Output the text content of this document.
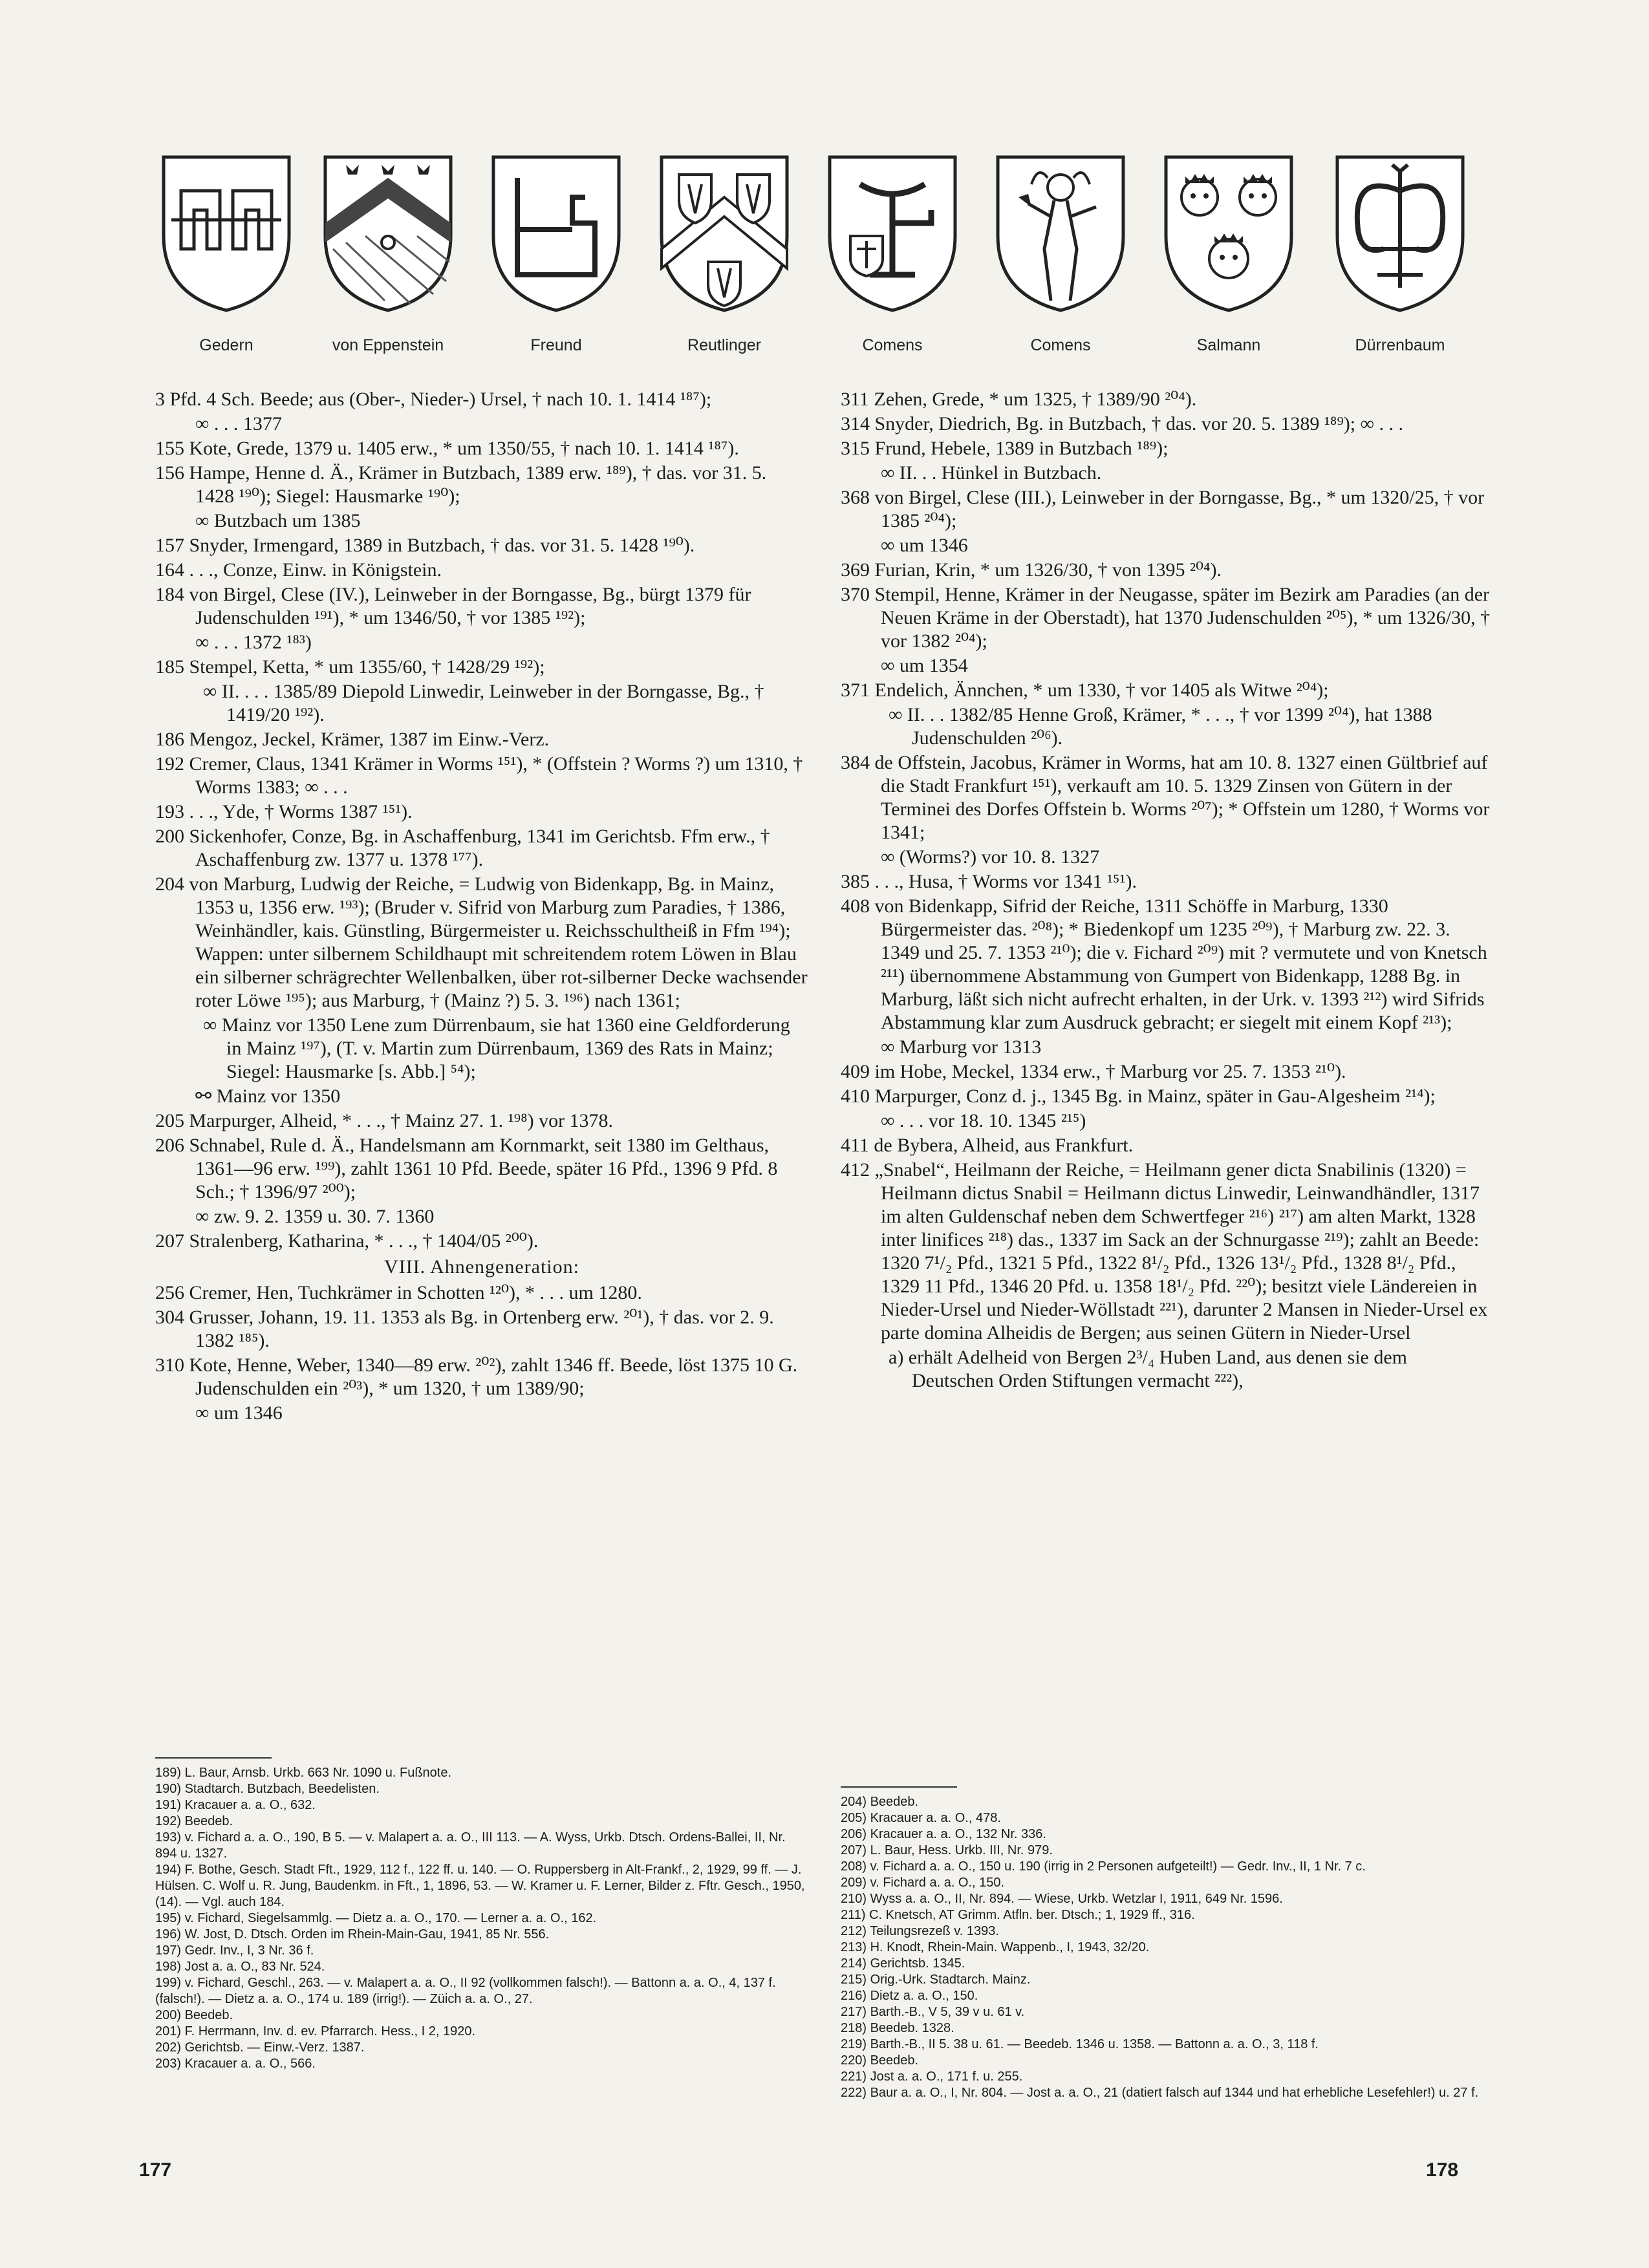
Gedern	von Eppenstein	Freund	Reutlinger	Comens	Comens	Salmann	Dürrenbaum

3 Pfd. 4 Sch. Beede; aus (Ober-, Nieder-) Ursel, † nach 10. 1. 1414 ¹⁸⁷);

∞ . . . 1377

155 Kote, Grede, 1379 u. 1405 erw., * um 1350/55, † nach 10. 1. 1414 ¹⁸⁷).

156 Hampe, Henne d. Ä., Krämer in Butzbach, 1389 erw. ¹⁸⁹), † das. vor 31. 5. 1428 ¹⁹⁰); Siegel: Hausmarke ¹⁹⁰);

∞ Butzbach um 1385

157 Snyder, Irmengard, 1389 in Butzbach, † das. vor 31. 5. 1428 ¹⁹⁰).

164 . . ., Conze, Einw. in Königstein.

184 von Birgel, Clese (IV.), Leinweber in der Borngasse, Bg., bürgt 1379 für Judenschulden ¹⁹¹), * um 1346/50, † vor 1385 ¹⁹²);

∞ . . . 1372 ¹⁸³)

185 Stempel, Ketta, * um 1355/60, † 1428/29 ¹⁹²);

∞ II. . . . 1385/89 Diepold Linwedir, Leinweber in der Borngasse, Bg., † 1419/20 ¹⁹²).

186 Mengoz, Jeckel, Krämer, 1387 im Einw.-Verz.

192 Cremer, Claus, 1341 Krämer in Worms ¹⁵¹), * (Offstein ? Worms ?) um 1310, † Worms 1383; ∞ . . .

193 . . ., Yde, † Worms 1387 ¹⁵¹).

200 Sickenhofer, Conze, Bg. in Aschaffenburg, 1341 im Gerichtsb. Ffm erw., † Aschaffenburg zw. 1377 u. 1378 ¹⁷⁷).

204 von Marburg, Ludwig der Reiche, = Ludwig von Bidenkapp, Bg. in Mainz, 1353 u, 1356 erw. ¹⁹³); (Bruder v. Sifrid von Marburg zum Paradies, † 1386, Weinhändler, kais. Günstling, Bürgermeister u. Reichsschultheiß in Ffm ¹⁹⁴); Wappen: unter silbernem Schildhaupt mit schreitendem rotem Löwen in Blau ein silberner schrägrechter Wellenbalken, über rot-silberner Decke wachsender roter Löwe ¹⁹⁵); aus Marburg, † (Mainz ?) 5. 3. ¹⁹⁶) nach 1361;

∞ Mainz vor 1350 Lene zum Dürrenbaum, sie hat 1360 eine Geldforderung in Mainz ¹⁹⁷), (T. v. Martin zum Dürrenbaum, 1369 des Rats in Mainz; Siegel: Hausmarke [s. Abb.] ⁵⁴);

⚯ Mainz vor 1350

205 Marpurger, Alheid, * . . ., † Mainz 27. 1. ¹⁹⁸) vor 1378.

206 Schnabel, Rule d. Ä., Handelsmann am Kornmarkt, seit 1380 im Gelthaus, 1361—96 erw. ¹⁹⁹), zahlt 1361 10 Pfd. Beede, später 16 Pfd., 1396 9 Pfd. 8 Sch.; † 1396/97 ²⁰⁰);

∞ zw. 9. 2. 1359 u. 30. 7. 1360

207 Stralenberg, Katharina, * . . ., † 1404/05 ²⁰⁰).

VIII. Ahnengeneration:

256 Cremer, Hen, Tuchkrämer in Schotten ¹²⁰), * . . . um 1280.

304 Grusser, Johann, 19. 11. 1353 als Bg. in Ortenberg erw. ²⁰¹), † das. vor 2. 9. 1382 ¹⁸⁵).

310 Kote, Henne, Weber, 1340—89 erw. ²⁰²), zahlt 1346 ff. Beede, löst 1375 10 G. Judenschulden ein ²⁰³), * um 1320, † um 1389/90;

∞ um 1346

311 Zehen, Grede, * um 1325, † 1389/90 ²⁰⁴).

314 Snyder, Diedrich, Bg. in Butzbach, † das. vor 20. 5. 1389 ¹⁸⁹); ∞ . . .

315 Frund, Hebele, 1389 in Butzbach ¹⁸⁹);

∞ II. . . Hünkel in Butzbach.

368 von Birgel, Clese (III.), Leinweber in der Borngasse, Bg., * um 1320/25, † vor 1385 ²⁰⁴);

∞ um 1346

369 Furian, Krin, * um 1326/30, † von 1395 ²⁰⁴).

370 Stempil, Henne, Krämer in der Neugasse, später im Bezirk am Paradies (an der Neuen Kräme in der Oberstadt), hat 1370 Judenschulden ²⁰⁵), * um 1326/30, † vor 1382 ²⁰⁴);

∞ um 1354

371 Endelich, Ännchen, * um 1330, † vor 1405 als Witwe ²⁰⁴);

∞ II. . . 1382/85 Henne Groß, Krämer, * . . ., † vor 1399 ²⁰⁴), hat 1388 Judenschulden ²⁰⁶).

384 de Offstein, Jacobus, Krämer in Worms, hat am 10. 8. 1327 einen Gültbrief auf die Stadt Frankfurt ¹⁵¹), verkauft am 10. 5. 1329 Zinsen von Gütern in der Terminei des Dorfes Offstein b. Worms ²⁰⁷); * Offstein um 1280, † Worms vor 1341;

∞ (Worms?) vor 10. 8. 1327

385 . . ., Husa, † Worms vor 1341 ¹⁵¹).

408 von Bidenkapp, Sifrid der Reiche, 1311 Schöffe in Marburg, 1330 Bürgermeister das. ²⁰⁸); * Biedenkopf um 1235 ²⁰⁹), † Marburg zw. 22. 3. 1349 und 25. 7. 1353 ²¹⁰); die v. Fichard ²⁰⁹) mit ? vermutete und von Knetsch ²¹¹) übernommene Abstammung von Gumpert von Bidenkapp, 1288 Bg. in Marburg, läßt sich nicht aufrecht erhalten, in der Urk. v. 1393 ²¹²) wird Sifrids Abstammung klar zum Ausdruck gebracht; er siegelt mit einem Kopf ²¹³);

∞ Marburg vor 1313

409 im Hobe, Meckel, 1334 erw., † Marburg vor 25. 7. 1353 ²¹⁰).

410 Marpurger, Conz d. j., 1345 Bg. in Mainz, später in Gau-Algesheim ²¹⁴);

∞ . . . vor 18. 10. 1345 ²¹⁵)

411 de Bybera, Alheid, aus Frankfurt.

412 „Snabel“, Heilmann der Reiche, = Heilmann gener dicta Snabilinis (1320) = Heilmann dictus Snabil = Heilmann dictus Linwedir, Leinwandhändler, 1317 im alten Guldenschaf neben dem Schwertfeger ²¹⁶) ²¹⁷) am alten Markt, 1328 inter linifices ²¹⁸) das., 1337 im Sack an der Schnurgasse ²¹⁹); zahlt an Beede: 1320 7¹/₂ Pfd., 1321 5 Pfd., 1322 8¹/₂ Pfd., 1326 13¹/₂ Pfd., 1328 8¹/₂ Pfd., 1329 11 Pfd., 1346 20 Pfd. u. 1358 18¹/₂ Pfd. ²²⁰); besitzt viele Ländereien in Nieder-Ursel und Nieder-Wöllstadt ²²¹), darunter 2 Mansen in Nieder-Ursel ex parte domina Alheidis de Bergen; aus seinen Gütern in Nieder-Ursel

a) erhält Adelheid von Bergen 2³/₄ Huben Land, aus denen sie dem Deutschen Orden Stiftungen vermacht ²²²),

189) L. Baur, Arnsb. Urkb. 663 Nr. 1090 u. Fußnote.

190) Stadtarch. Butzbach, Beedelisten.

191) Kracauer a. a. O., 632.

192) Beedeb.

193) v. Fichard a. a. O., 190, B 5. — v. Malapert a. a. O., III 113. — A. Wyss, Urkb. Dtsch. Ordens-Ballei, II, Nr. 894 u. 1327.

194) F. Bothe, Gesch. Stadt Fft., 1929, 112 f., 122 ff. u. 140. — O. Ruppersberg in Alt-Frankf., 2, 1929, 99 ff. — J. Hülsen. C. Wolf u. R. Jung, Baudenkm. in Fft., 1, 1896, 53. — W. Kramer u. F. Lerner, Bilder z. Fftr. Gesch., 1950, (14). — Vgl. auch 184.

195) v. Fichard, Siegelsammlg. — Dietz a. a. O., 170. — Lerner a. a. O., 162.

196) W. Jost, D. Dtsch. Orden im Rhein-Main-Gau, 1941, 85 Nr. 556.

197) Gedr. Inv., I, 3 Nr. 36 f.

198) Jost a. a. O., 83 Nr. 524.

199) v. Fichard, Geschl., 263. — v. Malapert a. a. O., II 92 (vollkommen falsch!). — Battonn a. a. O., 4, 137 f. (falsch!). — Dietz a. a. O., 174 u. 189 (irrig!). — Züich a. a. O., 27.

200) Beedeb.

201) F. Herrmann, Inv. d. ev. Pfarrarch. Hess., I 2, 1920.

202) Gerichtsb. — Einw.-Verz. 1387.

203) Kracauer a. a. O., 566.

204) Beedeb.

205) Kracauer a. a. O., 478.

206) Kracauer a. a. O., 132 Nr. 336.

207) L. Baur, Hess. Urkb. III, Nr. 979.

208) v. Fichard a. a. O., 150 u. 190 (irrig in 2 Personen aufgeteilt!) — Gedr. Inv., II, 1 Nr. 7 c.

209) v. Fichard a. a. O., 150.

210) Wyss a. a. O., II, Nr. 894. — Wiese, Urkb. Wetzlar I, 1911, 649 Nr. 1596.

211) C. Knetsch, AT Grimm. Atfln. ber. Dtsch.; 1, 1929 ff., 316.

212) Teilungsrezeß v. 1393.

213) H. Knodt, Rhein-Main. Wappenb., I, 1943, 32/20.

214) Gerichtsb. 1345.

215) Orig.-Urk. Stadtarch. Mainz.

216) Dietz a. a. O., 150.

217) Barth.-B., V 5, 39 v u. 61 v.

218) Beedeb. 1328.

219) Barth.-B., II 5. 38 u. 61. — Beedeb. 1346 u. 1358. — Battonn a. a. O., 3, 118 f.

220) Beedeb.

221) Jost a. a. O., 171 f. u. 255.

222) Baur a. a. O., I, Nr. 804. — Jost a. a. O., 21 (datiert falsch auf 1344 und hat erhebliche Lesefehler!) u. 27 f.

177	178
